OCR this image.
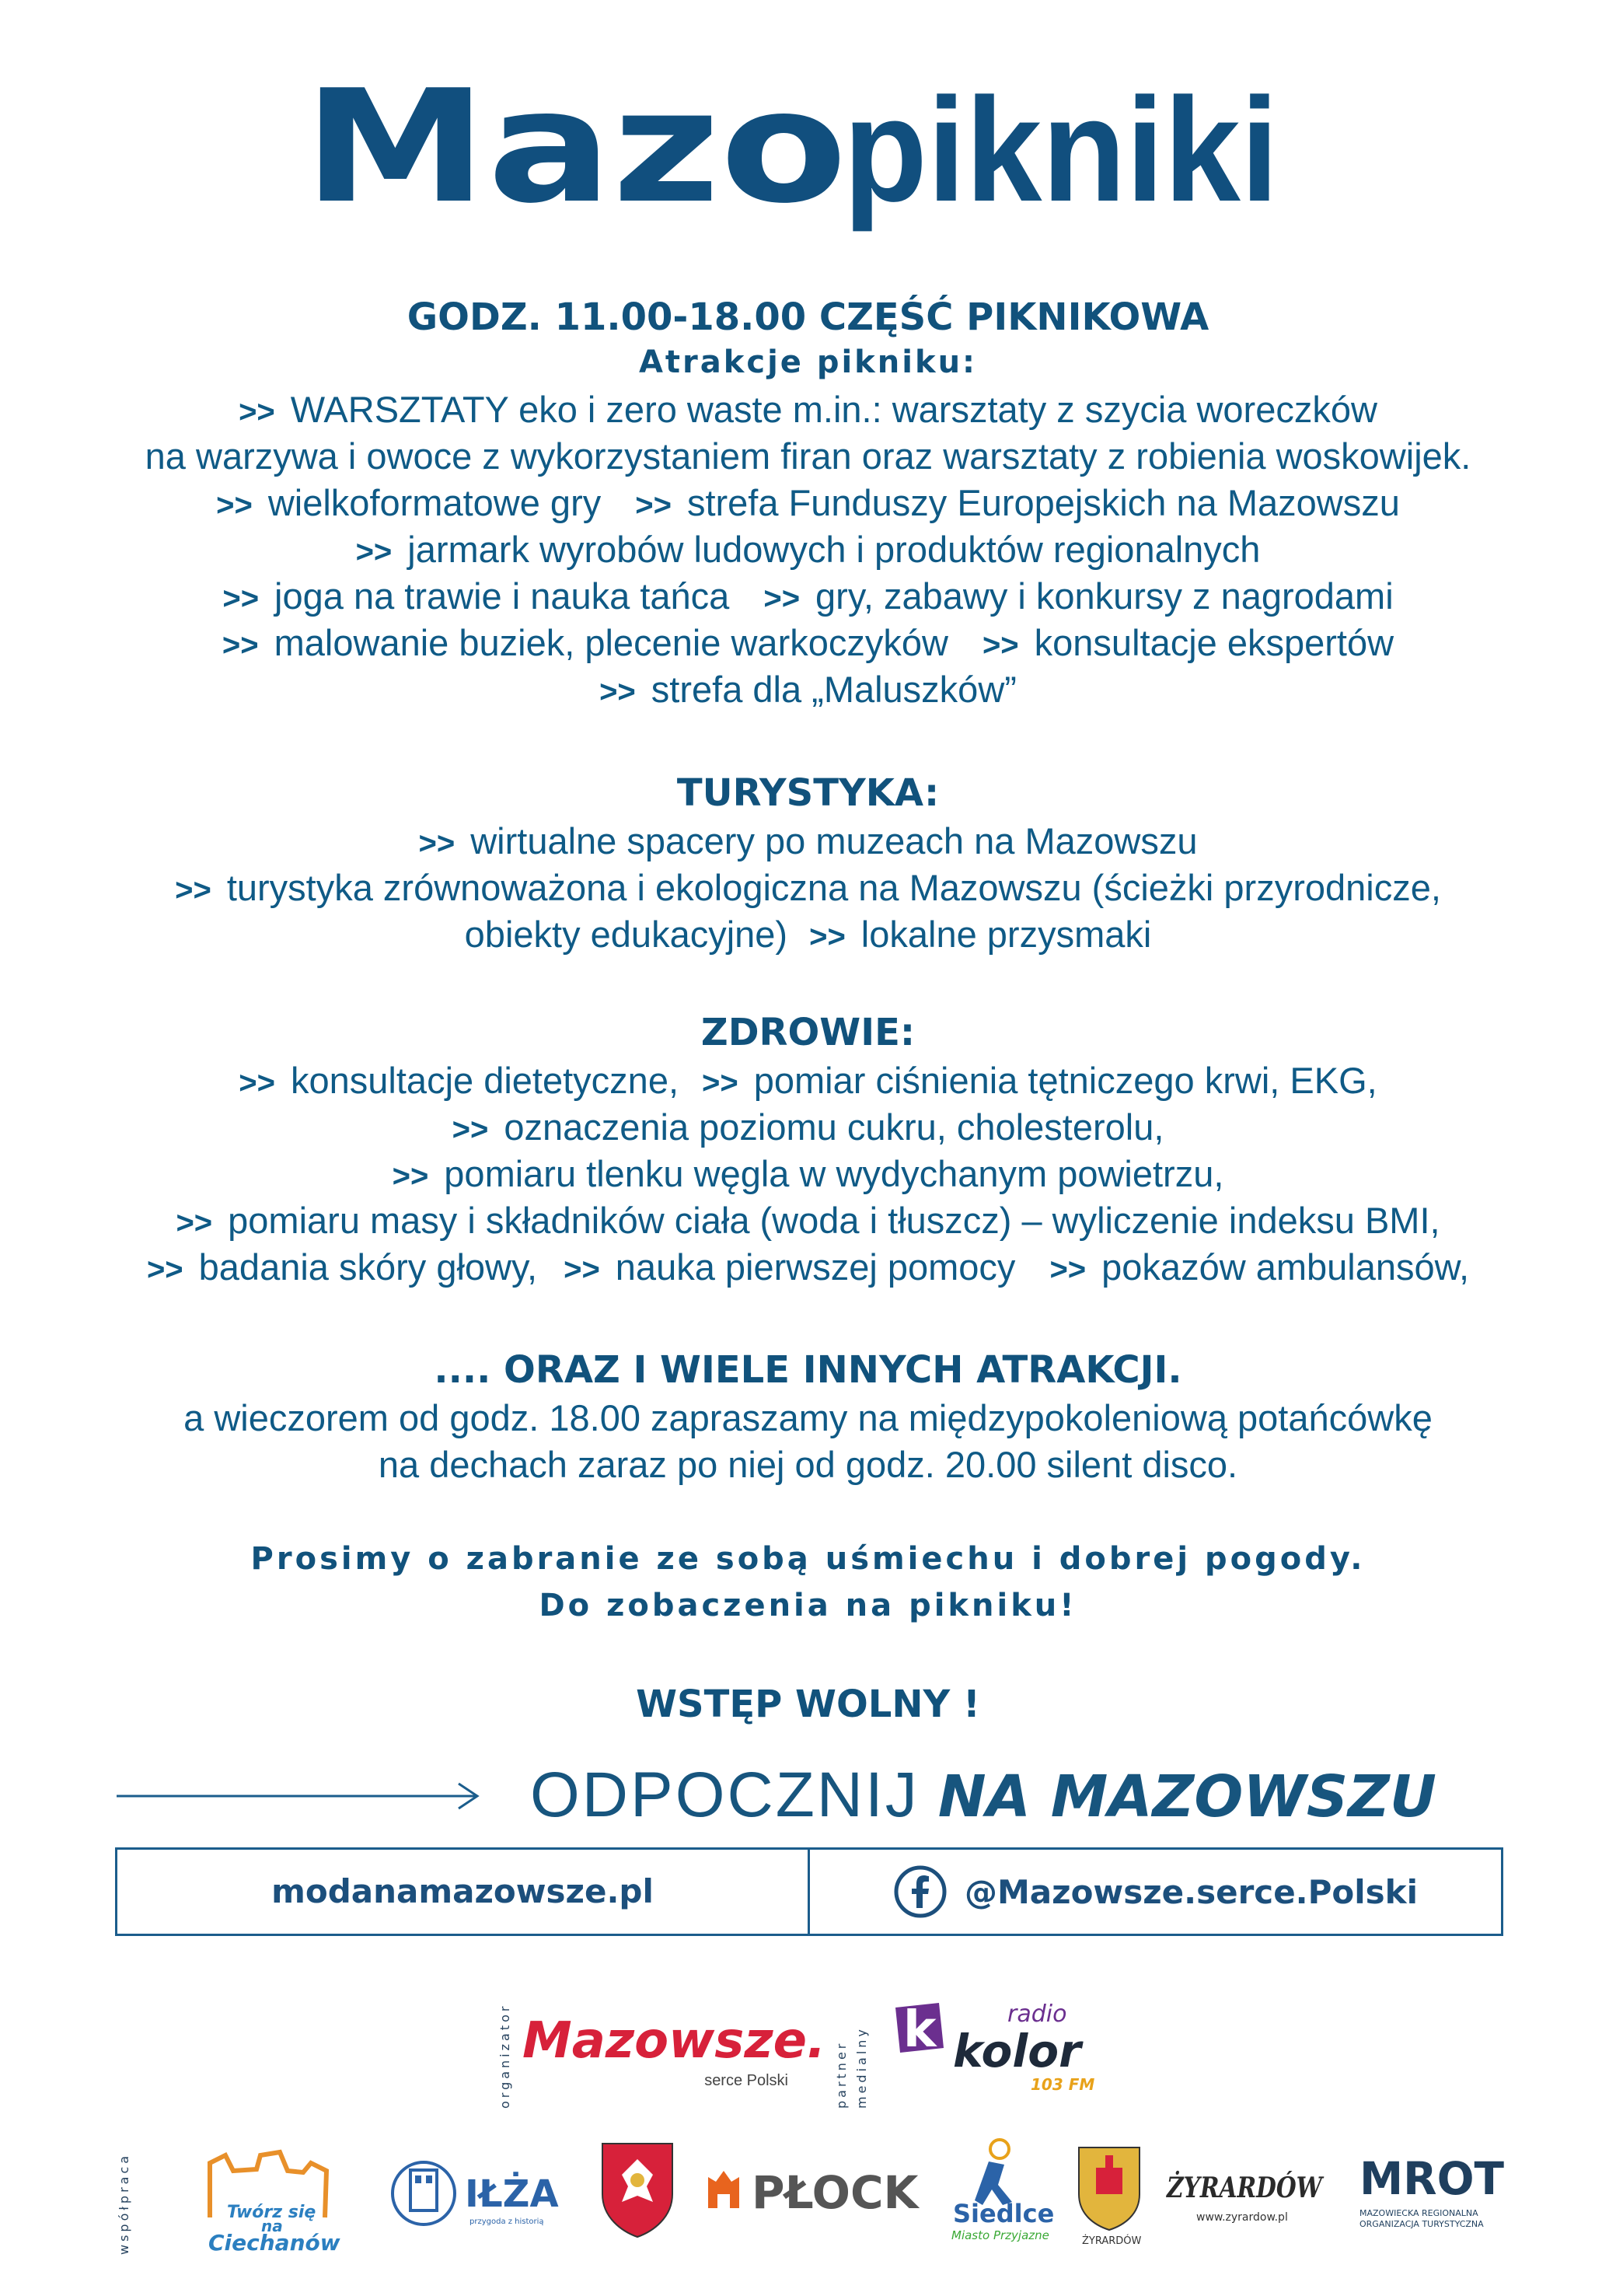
Mazo
pikniki
GODZ. 11.00-18.00 CZĘŚĆ PIKNIKOWA
Atrakcje pikniku:
>> WARSZTATY eko i zero waste m.in.: warsztaty z szycia woreczków
na warzywa i owoce z wykorzystaniem firan oraz warsztaty z robienia woskowijek.
>> wielkoformatowe gry >> strefa Funduszy Europejskich na Mazowszu
>> jarmark wyrobów ludowych i produktów regionalnych
>> joga na trawie i nauka tańca >> gry, zabawy i konkursy z nagrodami
>> malowanie buziek, plecenie warkoczyków >> konsultacje ekspertów
>> strefa dla „Maluszków”
TURYSTYKA:
>> wirtualne spacery po muzeach na Mazowszu
>> turystyka zrównoważona i ekologiczna na Mazowszu (ścieżki przyrodnicze,
obiekty edukacyjne) >> lokalne przysmaki
ZDROWIE:
>> konsultacje dietetyczne, >> pomiar ciśnienia tętniczego krwi, EKG,
>> oznaczenia poziomu cukru, cholesterolu,
>> pomiaru tlenku węgla w wydychanym powietrzu,
>> pomiaru masy i składników ciała (woda i tłuszcz) – wyliczenie indeksu BMI,
>> badania skóry głowy, >> nauka pierwszej pomocy >> pokazów ambulansów,
.... ORAZ I WIELE INNYCH ATRAKCJI.
a wieczorem od godz. 18.00 zapraszamy na międzypokoleniową potańcówkę
na dechach zaraz po niej od godz. 20.00 silent disco.
Prosimy o zabranie ze sobą uśmiechu i dobrej pogody.
Do zobaczenia na pikniku!
WSTĘP WOLNY !
ODPOCZNIJ NA MAZOWSZU
modanamazowsze.pl	@Mazowsze.serce.Polski
organizator Mazowsze.
serce Polski	partner medialny k	radio
kolor
103 FM
współpraca	Twórz się
na
Ciechanów
IŁŻA
przygoda z historią
PŁOCK Siedlce
Miasto Przyjazne	ŻYRARDÓW
ŻYRARDÓW
www.zyrardow.pl
MROT
MAZOWIECKA REGIONALNA
ORGANIZACJA TURYSTYCZNA
